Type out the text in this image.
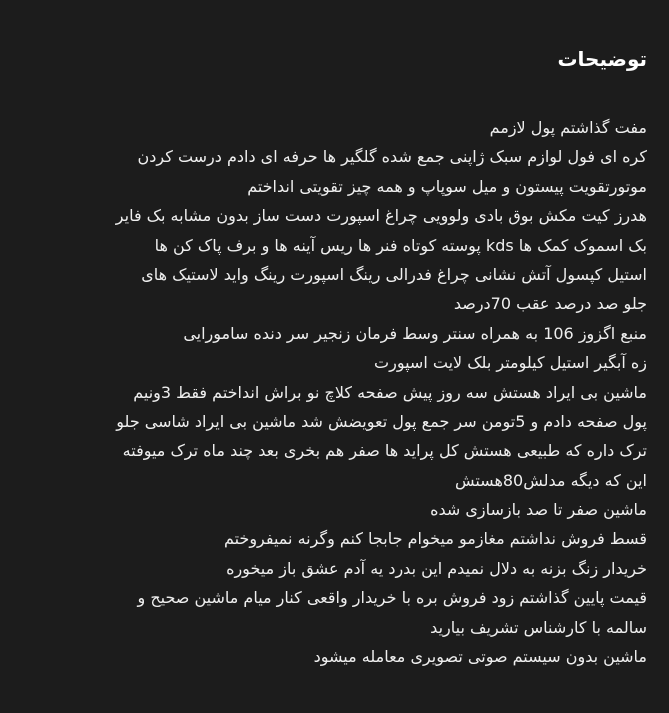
توضیحات
مفت گذاشتم پول لازمم
کره ای فول لوازم سبک ژاپنی جمع شده گلگیر ها حرفه ای دادم درست کردن
موتورتقویت پیستون و میل سوپاپ و همه چیز تقویتی انداختم
هدرز کیت مکش بوق بادی ولوویی چراغ اسپورت دست ساز بدون مشابه بک فایر
بک اسموک کمک ها kds پوسته کوتاه فنر ها ریس آینه ها و برف پاک کن ها
استیل کپسول آتش نشانی چراغ فدرالی رینگ اسپورت رینگ واید لاستیک های
جلو صد درصد عقب 70درصد
منبع اگزوز 106 به همراه سنتر وسط فرمان زنجیر سر دنده سامورایی
زه آبگیر استیل کیلومتر بلک لایت اسپورت
ماشین بی ایراد هستش سه روز پیش صفحه کلاچ نو براش انداختم فقط 3ونیم
پول صفحه دادم و 5تومن سر جمع پول تعویضش شد ماشین بی ایراد شاسی جلو
ترک داره که طبیعی هستش کل پراید ها صفر هم بخری بعد چند ماه ترک میوفته
این که دیگه مدلش80هستش
ماشین صفر تا صد بازسازی شده
قسط فروش نداشتم مغازمو میخوام جابجا کنم وگرنه نمیفروختم
خریدار زنگ بزنه به دلال نمیدم این بدرد یه آدم عشق باز میخوره
قیمت پایین گذاشتم زود فروش بره با خریدار واقعی کنار میام ماشین صحیح و
سالمه با کارشناس تشریف بیارید
ماشین بدون سیستم صوتی تصویری معامله میشود
